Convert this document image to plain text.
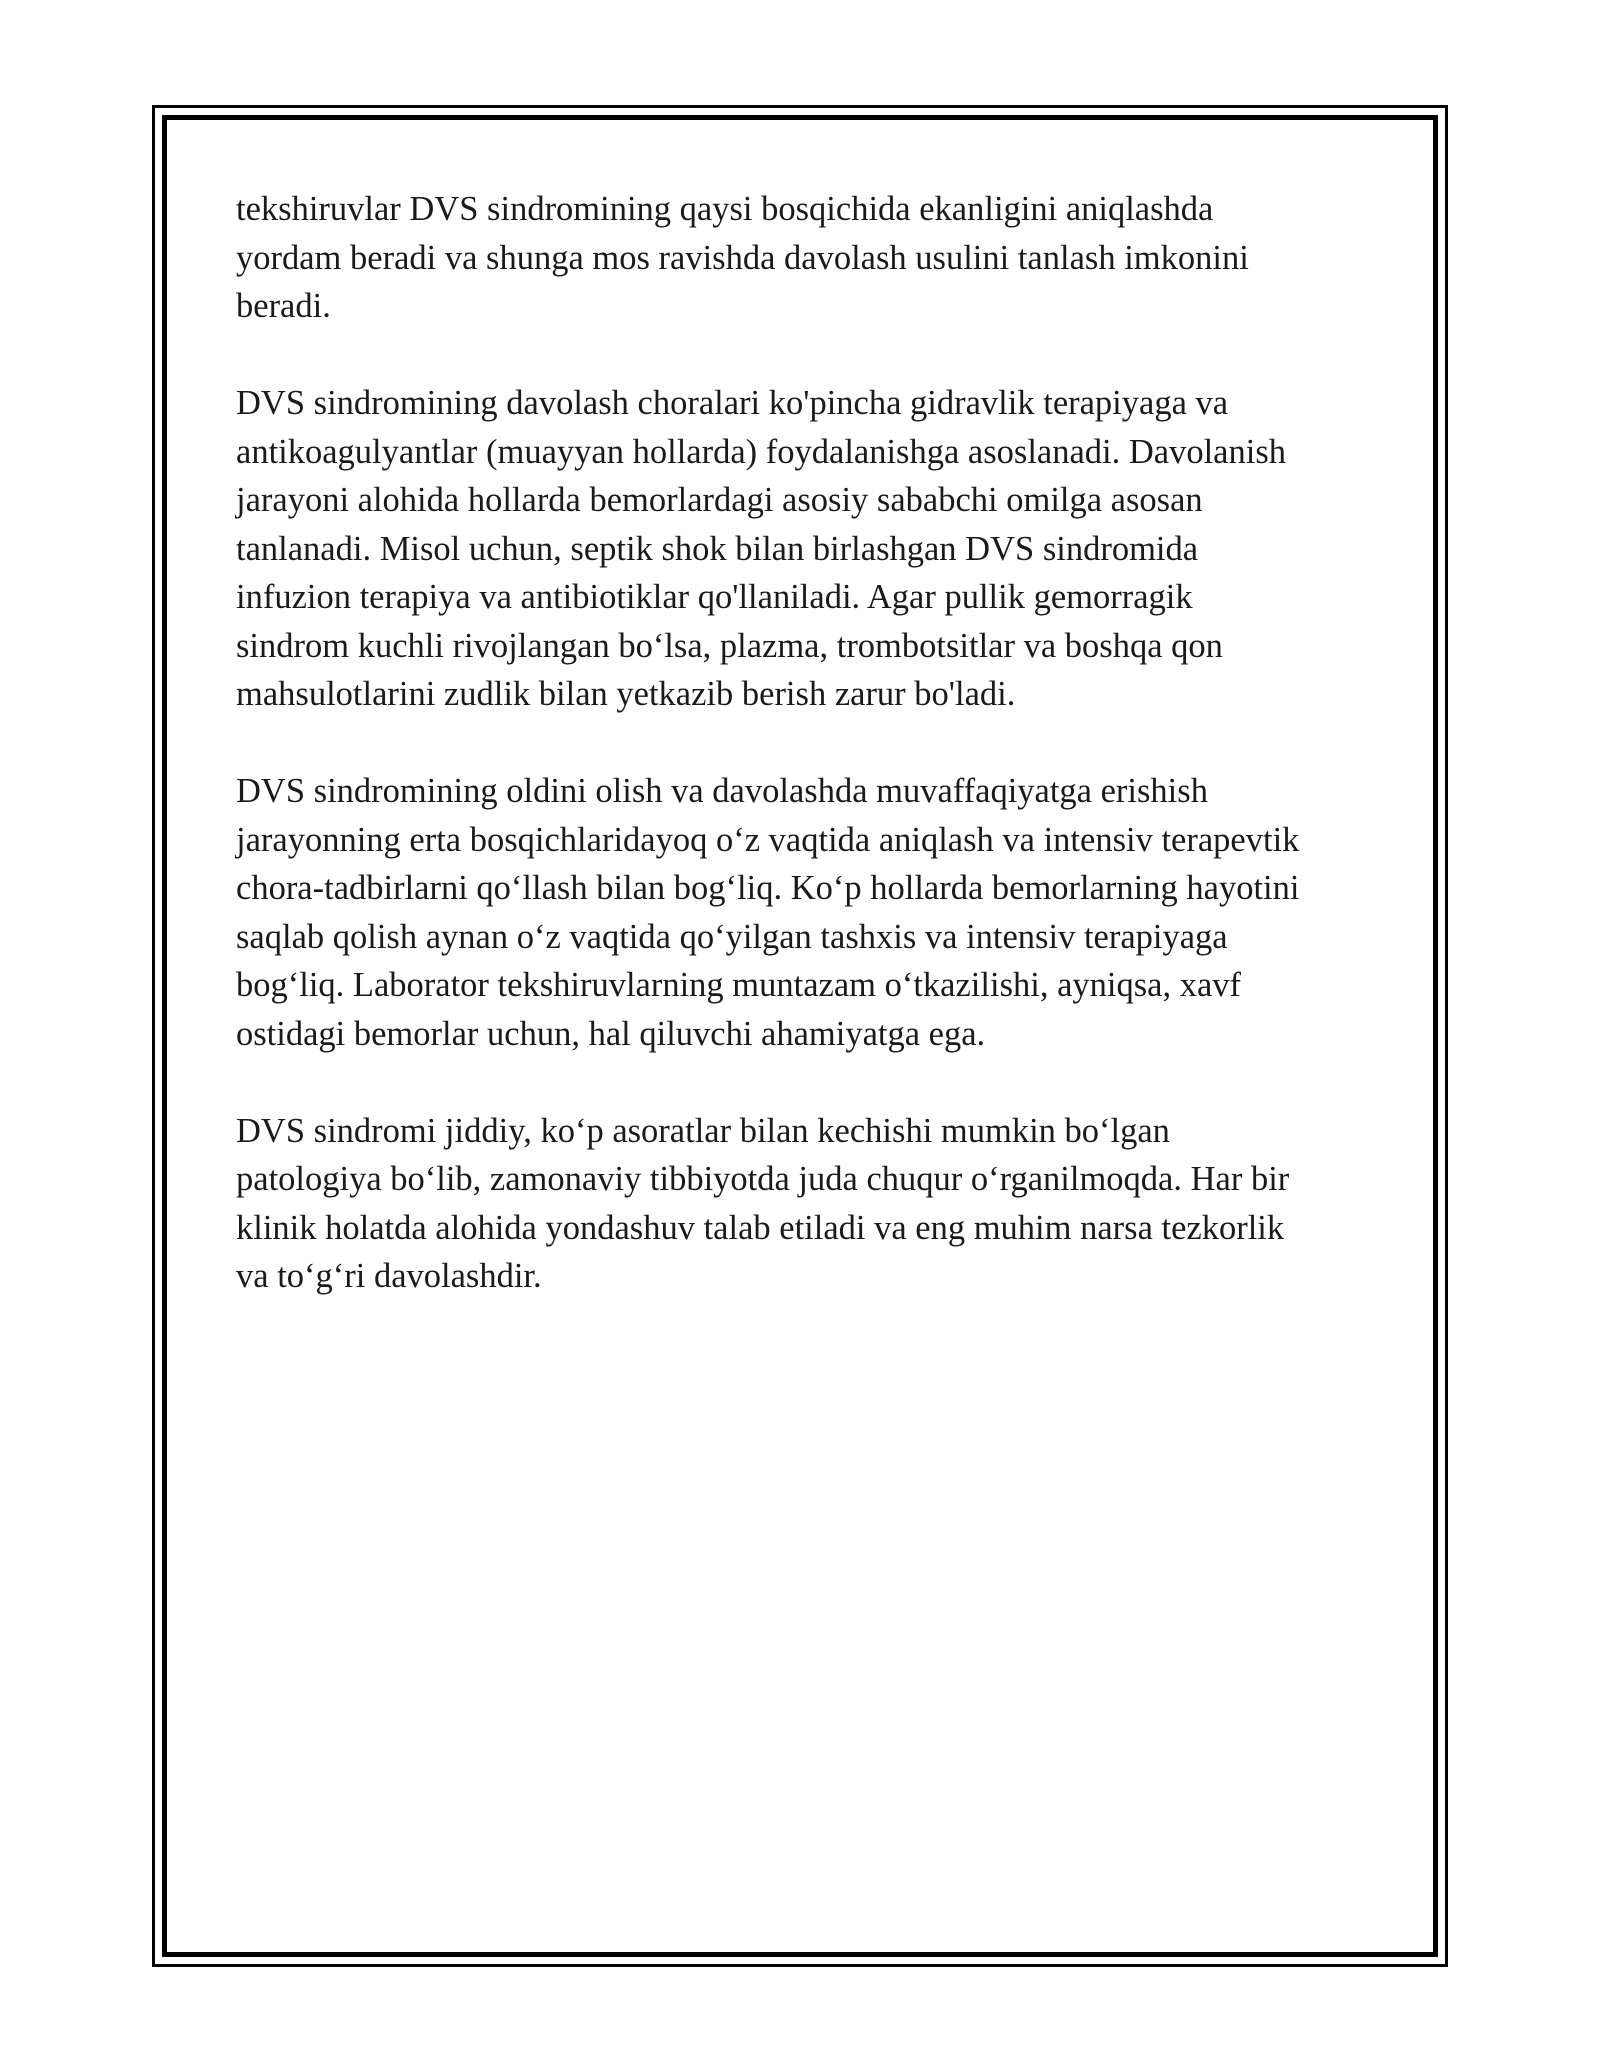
tekshiruvlar DVS sindromining qaysi bosqichida ekanligini aniqlashda
yordam beradi va shunga mos ravishda davolash usulini tanlash imkonini
beradi.

DVS sindromining davolash choralari ko'pincha gidravlik terapiyaga va
antikoagulyantlar (muayyan hollarda) foydalanishga asoslanadi. Davolanish
jarayoni alohida hollarda bemorlardagi asosiy sababchi omilga asosan
tanlanadi. Misol uchun, septik shok bilan birlashgan DVS sindromida
infuzion terapiya va antibiotiklar qo'llaniladi. Agar pullik gemorragik
sindrom kuchli rivojlangan boʻlsa, plazma, trombotsitlar va boshqa qon
mahsulotlarini zudlik bilan yetkazib berish zarur bo'ladi.

DVS sindromining oldini olish va davolashda muvaffaqiyatga erishish
jarayonning erta bosqichlaridayoq oʻz vaqtida aniqlash va intensiv terapevtik
chora-tadbirlarni qoʻllash bilan bogʻliq. Koʻp hollarda bemorlarning hayotini
saqlab qolish aynan oʻz vaqtida qoʻyilgan tashxis va intensiv terapiyaga
bogʻliq. Laborator tekshiruvlarning muntazam oʻtkazilishi, ayniqsa, xavf
ostidagi bemorlar uchun, hal qiluvchi ahamiyatga ega.

DVS sindromi jiddiy, koʻp asoratlar bilan kechishi mumkin boʻlgan
patologiya boʻlib, zamonaviy tibbiyotda juda chuqur oʻrganilmoqda. Har bir
klinik holatda alohida yondashuv talab etiladi va eng muhim narsa tezkorlik
va toʻgʻri davolashdir.
